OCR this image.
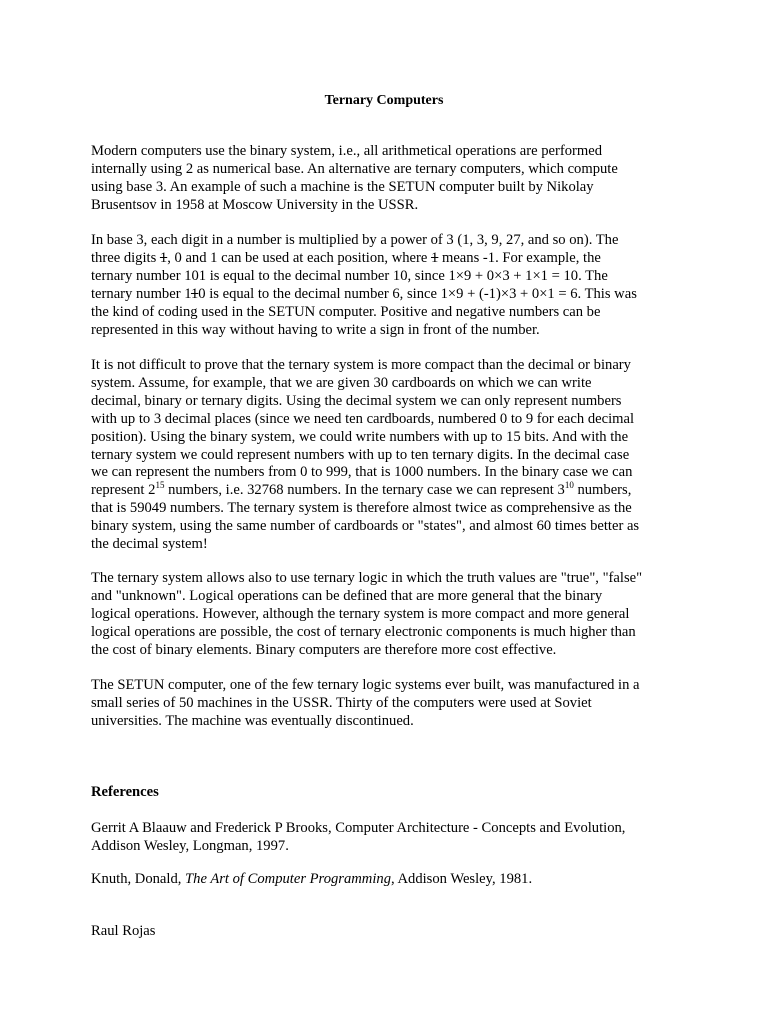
Ternary Computers
Modern computers use the binary system, i.e., all arithmetical operations are performed
internally using 2 as numerical base. An alternative are ternary computers, which compute
using base 3. An example of such a machine is the SETUN computer built by Nikolay
Brusentsov in 1958 at Moscow University in the USSR.
In base 3, each digit in a number is multiplied by a power of 3 (1, 3, 9, 27, and so on). The
three digits 1, 0 and 1 can be used at each position, where 1 means -1. For example, the
ternary number 101 is equal to the decimal number 10, since 1×9 + 0×3 + 1×1 = 10. The
ternary number 110 is equal to the decimal number 6, since 1×9 + (-1)×3 + 0×1 = 6. This was
the kind of coding used in the SETUN computer. Positive and negative numbers can be
represented in this way without having to write a sign in front of the number.
It is not difficult to prove that the ternary system is more compact than the decimal or binary
system. Assume, for example, that we are given 30 cardboards on which we can write
decimal, binary or ternary digits. Using the decimal system we can only represent numbers
with up to 3 decimal places (since we need ten cardboards, numbered 0 to 9 for each decimal
position). Using the binary system, we could write numbers with up to 15 bits. And with the
ternary system we could represent numbers with up to ten ternary digits. In the decimal case
we can represent the numbers from 0 to 999, that is 1000 numbers. In the binary case we can
represent $2^{15}$ numbers, i.e. 32768 numbers. In the ternary case we can represent $3^{10}$ numbers,
that is 59049 numbers. The ternary system is therefore almost twice as comprehensive as the
binary system, using the same number of cardboards or "states", and almost 60 times better as
the decimal system!
The ternary system allows also to use ternary logic in which the truth values are "true", "false"
and "unknown". Logical operations can be defined that are more general that the binary
logical operations. However, although the ternary system is more compact and more general
logical operations are possible, the cost of ternary electronic components is much higher than
the cost of binary elements. Binary computers are therefore more cost effective.
The SETUN computer, one of the few ternary logic systems ever built, was manufactured in a
small series of 50 machines in the USSR. Thirty of the computers were used at Soviet
universities. The machine was eventually discontinued.
References
Gerrit A Blaauw and Frederick P Brooks, Computer Architecture - Concepts and Evolution,
Addison Wesley, Longman, 1997.
Knuth, Donald, The Art of Computer Programming, Addison Wesley, 1981.
Raul Rojas
